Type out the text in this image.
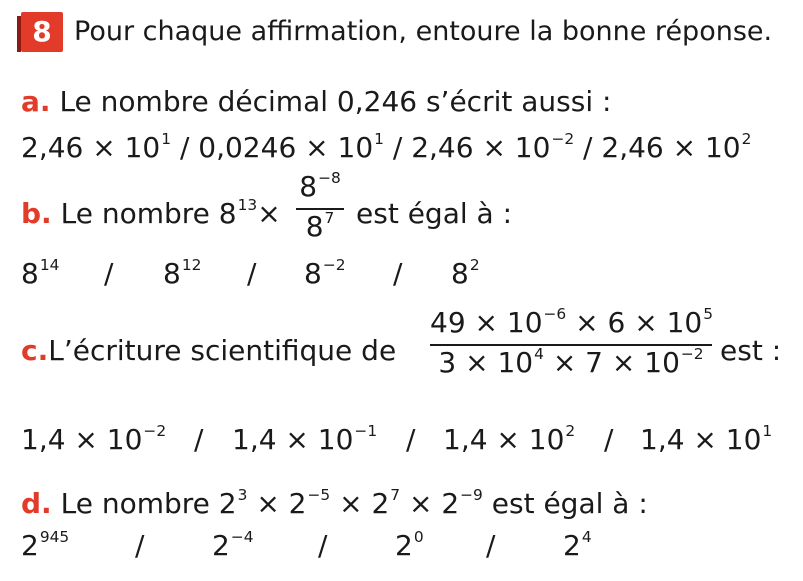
8 Pour chaque affirmation, entoure la bonne réponse.
a. Le nombre décimal 0,246 s’écrit aussi :
$2,46 \times 10^1 / 0,0246 \times 10^1 / 2,46 \times 10^{-2} / 2,46 \times 10^2$
b. Le nombre $8^{13}\times$
$8^{-8}$
$8^7$ est égal à :
$8^{14} / 8^{12} / 8^{-2} / 8^2$
c.L’écriture scientifique de
$49 \times 10^{-6} \times 6 \times 10^5$
$3 \times 10^4 \times 7 \times 10^{-2}$ est :
$1,4 \times 10^{-2} / 1,4 \times 10^{-1} / 1,4 \times 10^2 / 1,4 \times 10^1$
d. Le nombre $2^3 \times 2^{-5} \times 2^7 \times 2^{-9}$ est égal à :
$2^{945} / 2^{-4} / 2^0 / 2^4$
